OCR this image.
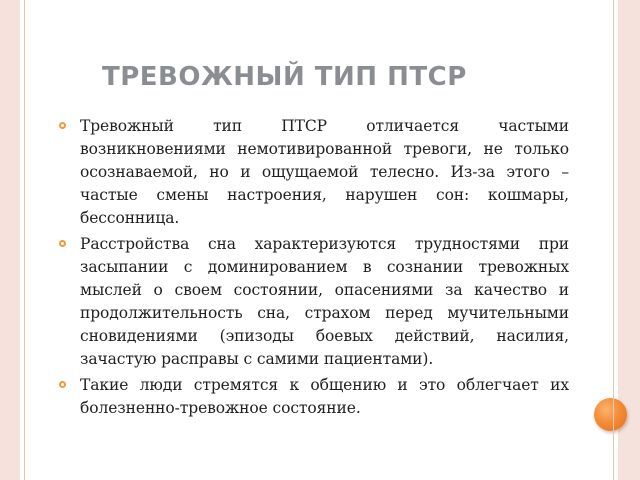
ТРЕВОЖНЫЙ ТИП ПТСР
Тревожный тип ПТСР отличается частыми возникновениями немотивированной тревоги, не только осознаваемой, но и ощущаемой телесно. Из-за этого – частые смены настроения, нарушен сон: кошмары, бессонница.
Расстройства сна характеризуются трудностями при засыпании с доминированием в сознании тревожных мыслей о своем состоянии, опасениями за качество и продолжительность сна, страхом перед мучительными сновидениями (эпизоды боевых действий, насилия, зачастую расправы с самими пациентами).
Такие люди стремятся к общению и это облегчает их болезненно-тревожное состояние.
